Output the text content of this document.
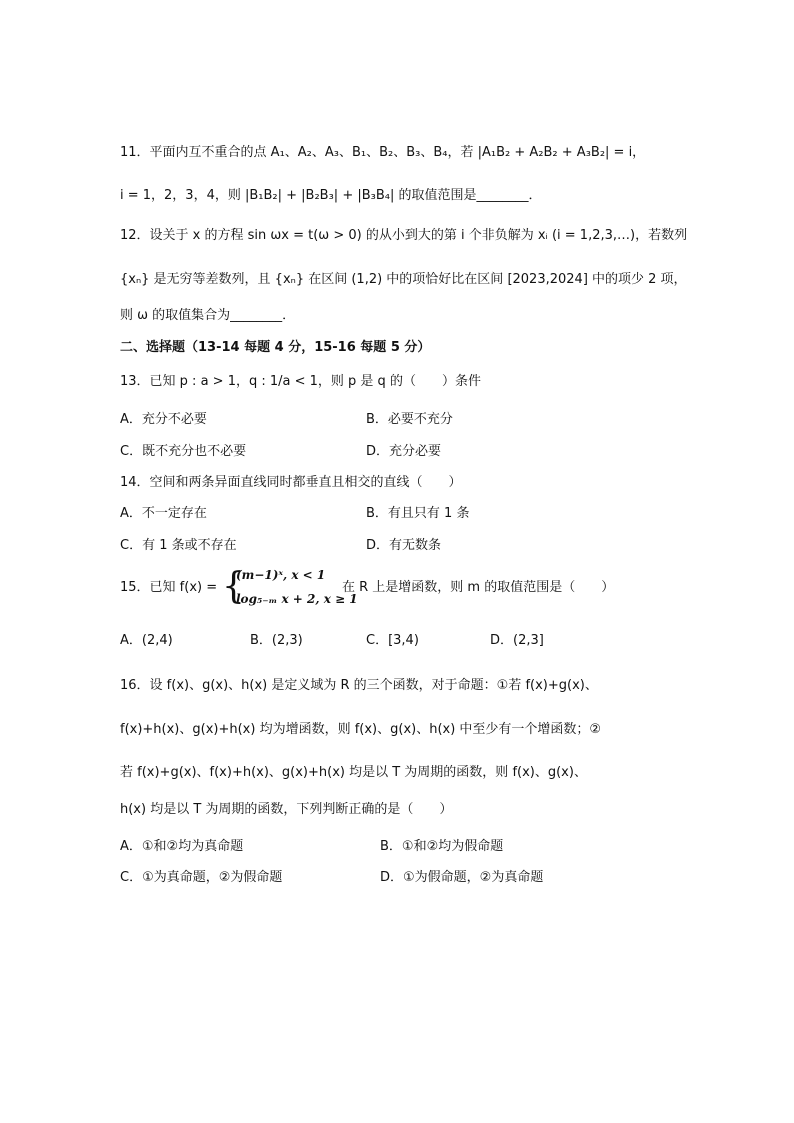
11．平面内互不重合的点 A₁、A₂、A₃、B₁、B₂、B₃、B₄，若 |A₁B₂ + A₂B₂ + A₃B₂| = i，
i = 1，2，3，4，则 |B₁B₂| + |B₂B₃| + |B₃B₄| 的取值范围是________．
12．设关于 x 的方程 sin ωx = t(ω > 0) 的从小到大的第 i 个非负解为 xᵢ (i = 1,2,3,…)，若数列
{xₙ} 是无穷等差数列，且 {xₙ} 在区间 (1,2) 中的项恰好比在区间 [2023,2024] 中的项少 2 项，
则 ω 的取值集合为________．
二、选择题（13-14 每题 4 分，15-16 每题 5 分）
13．已知 p : a > 1，q : 1/a < 1，则 p 是 q 的（　　）条件
A．充分不必要	B．必要不充分
C．既不充分也不必要	D．充分必要
14．空间和两条异面直线同时都垂直且相交的直线（　　）
A．不一定存在	B．有且只有 1 条
C．有 1 条或不存在	D．有无数条
15．已知 f(x) = {
(m−1)ˣ, x < 1
log₅₋ₘ x + 2, x ≥ 1
在 R 上是增函数，则 m 的取值范围是（　　）
A．(2,4)	B．(2,3)	C．[3,4)	D．(2,3]
16．设 f(x)、g(x)、h(x) 是定义域为 R 的三个函数，对于命题：①若 f(x)+g(x)、
f(x)+h(x)、g(x)+h(x) 均为增函数，则 f(x)、g(x)、h(x) 中至少有一个增函数；②
若 f(x)+g(x)、f(x)+h(x)、g(x)+h(x) 均是以 T 为周期的函数，则 f(x)、g(x)、
h(x) 均是以 T 为周期的函数，下列判断正确的是（　　）
A．①和②均为真命题	B．①和②均为假命题
C．①为真命题，②为假命题	D．①为假命题，②为真命题
